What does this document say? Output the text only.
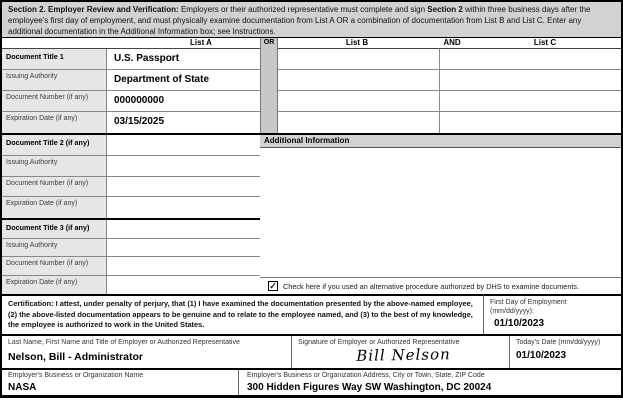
Section 2. Employer Review and Verification: Employers or their authorized representative must complete and sign Section 2 within three business days after the employee's first day of employment, and must physically examine documentation from List A OR a combination of documentation from List B and List C. Enter any additional documentation in the Additional Information box; see Instructions.
List A	List B	AND	List C
OR
Document Title 1	U.S. Passport
Issuing Authority	Department of State
Document Number (if any)	000000000
Expiration Date (if any)	03/15/2025
Document Title 2 (if any)
Issuing Authority
Document Number (if any)
Expiration Date (if any)
Document Title 3 (if any)
Issuing Authority
Document Number (if any)
Expiration Date (if any)
Additional Information
✓ Check here if you used an alternative procedure authorized by DHS to examine documents.
Certification: I attest, under penalty of perjury, that (1) I have examined the documentation presented by the above-named employee, (2) the above-listed documentation appears to be genuine and to relate to the employee named, and (3) to the best of my knowledge, the employee is authorized to work in the United States.
First Day of Employment
(mm/dd/yyyy):
01/10/2023
Last Name, First Name and Title of Employer or Authorized Representative
Nelson, Bill - Administrator
Signature of Employer or Authorized Representative
Bill Nelson
Today's Date (mm/dd/yyyy)
01/10/2023
Employer's Business or Organization Name
NASA
Employer's Business or Organization Address, City or Town, State, ZIP Code
300 Hidden Figures Way SW Washington, DC 20024
